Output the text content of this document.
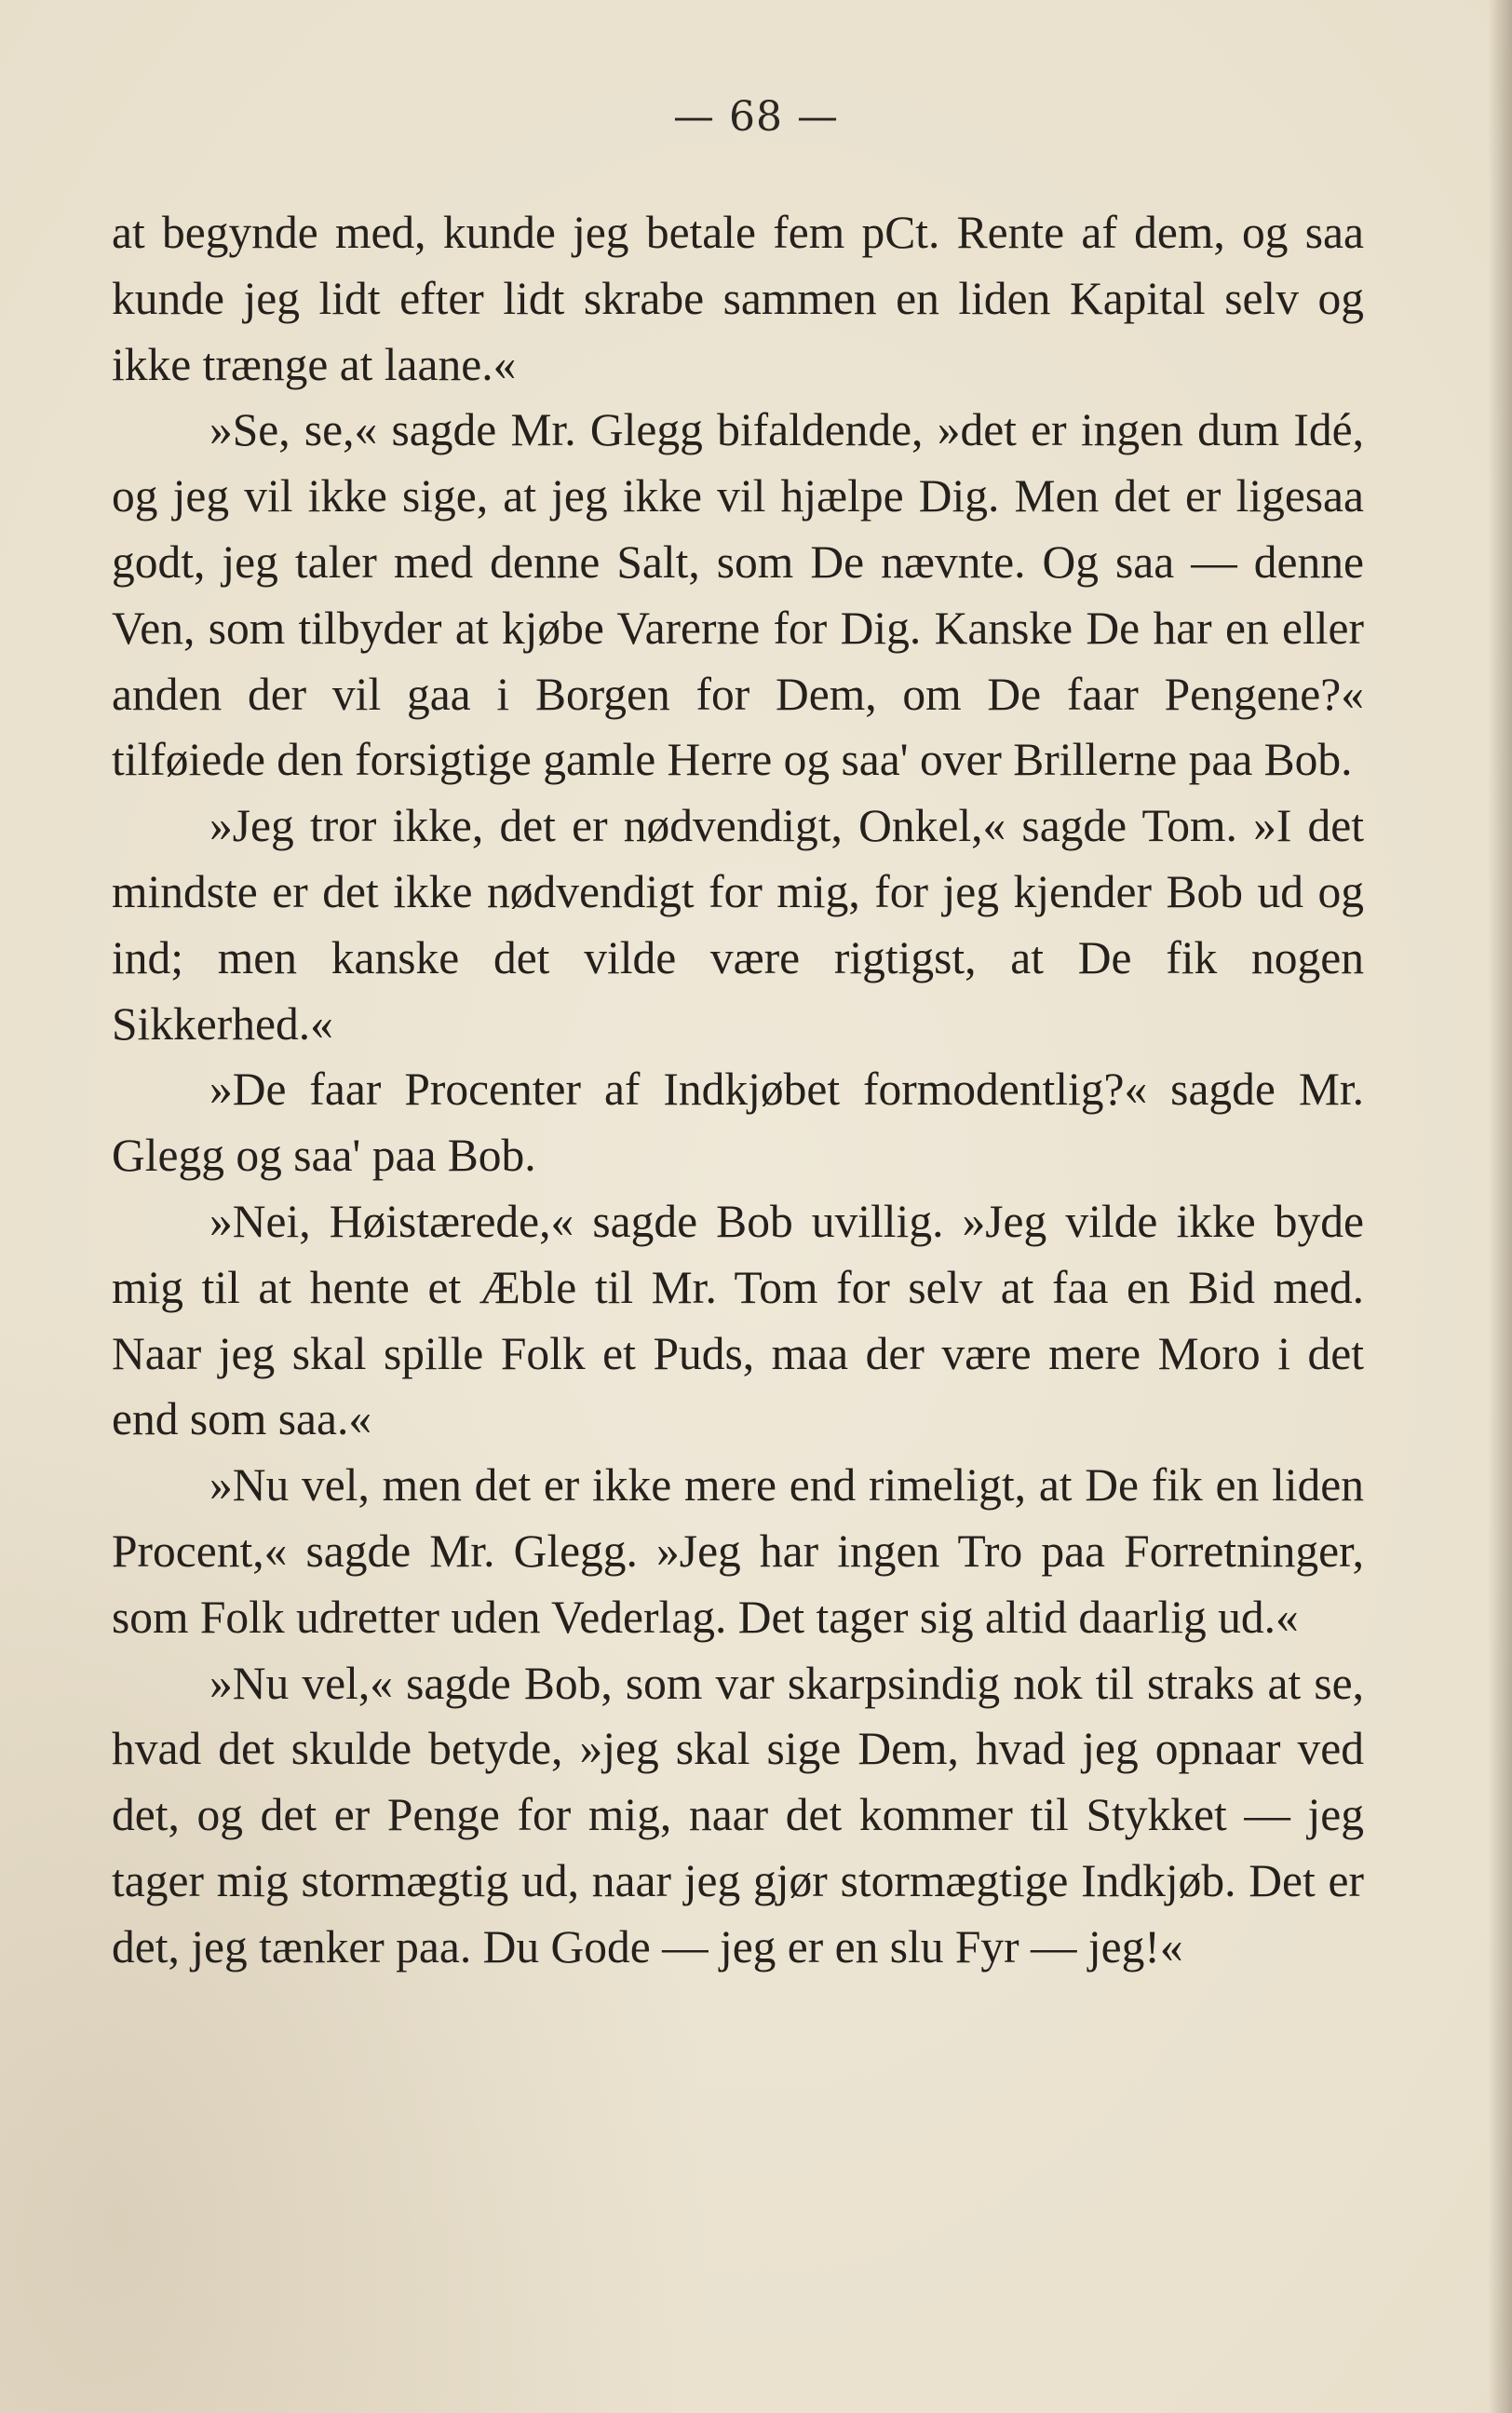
— 68 —

at begynde med, kunde jeg betale fem pCt. Rente af dem, og saa kunde jeg lidt efter lidt skrabe sammen en liden Kapital selv og ikke trænge at laane.«

»Se, se,« sagde Mr. Glegg bifaldende, »det er ingen dum Idé, og jeg vil ikke sige, at jeg ikke vil hjælpe Dig. Men det er ligesaa godt, jeg taler med denne Salt, som De nævnte. Og saa — denne Ven, som tilbyder at kjøbe Varerne for Dig. Kanske De har en eller anden der vil gaa i Borgen for Dem, om De faar Pengene?« tilføiede den forsigtige gamle Herre og saa' over Brillerne paa Bob.

»Jeg tror ikke, det er nødvendigt, Onkel,« sagde Tom. »I det mindste er det ikke nødvendigt for mig, for jeg kjender Bob ud og ind; men kanske det vilde være rigtigst, at De fik nogen Sikkerhed.«

»De faar Procenter af Indkjøbet formodentlig?« sagde Mr. Glegg og saa' paa Bob.

»Nei, Høistærede,« sagde Bob uvillig. »Jeg vilde ikke byde mig til at hente et Æble til Mr. Tom for selv at faa en Bid med. Naar jeg skal spille Folk et Puds, maa der være mere Moro i det end som saa.«

»Nu vel, men det er ikke mere end rimeligt, at De fik en liden Procent,« sagde Mr. Glegg. »Jeg har ingen Tro paa Forretninger, som Folk udretter uden Vederlag. Det tager sig altid daarlig ud.«

»Nu vel,« sagde Bob, som var skarpsindig nok til straks at se, hvad det skulde betyde, »jeg skal sige Dem, hvad jeg opnaar ved det, og det er Penge for mig, naar det kommer til Stykket — jeg tager mig stormægtig ud, naar jeg gjør stormægtige Indkjøb. Det er det, jeg tænker paa. Du Gode — jeg er en slu Fyr — jeg!«
